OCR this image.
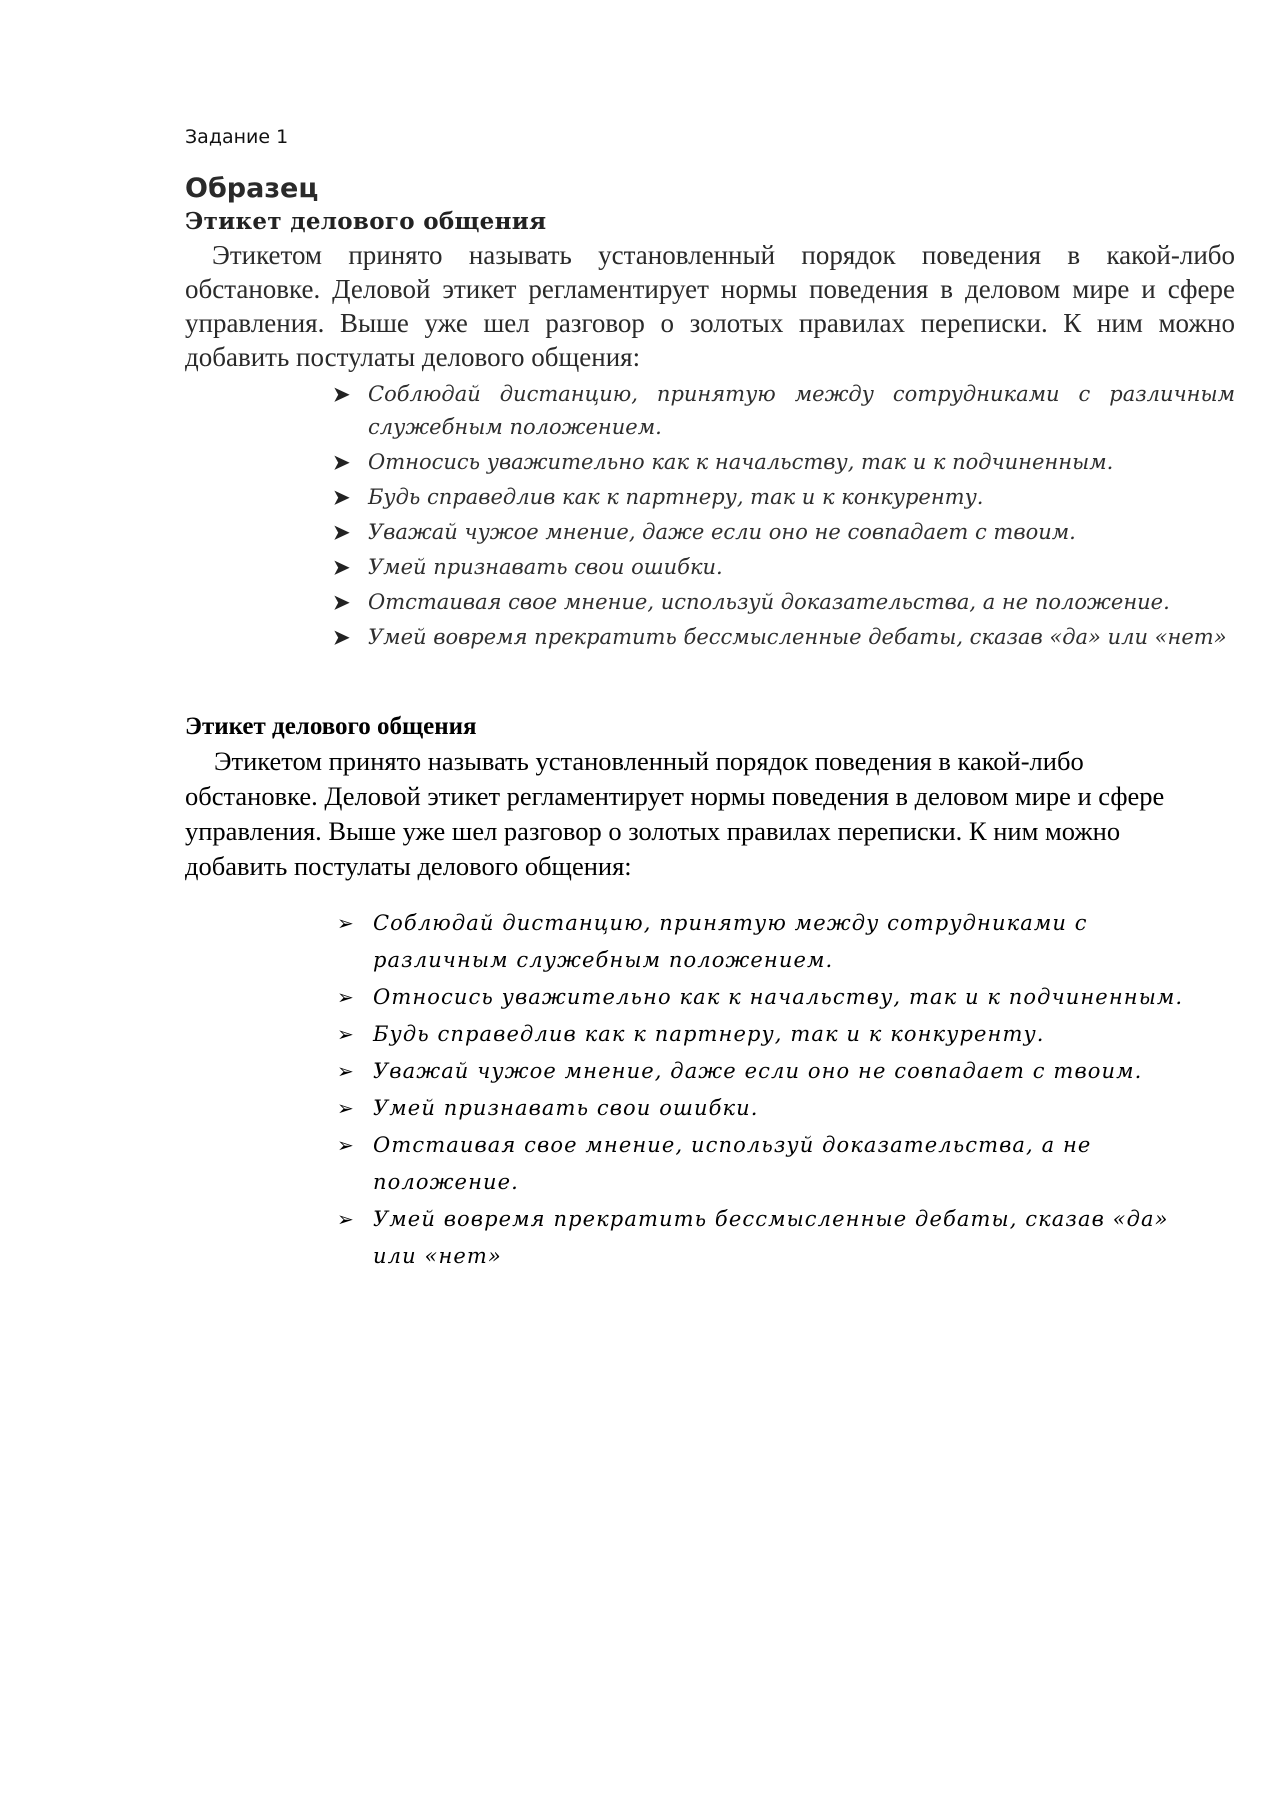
Задание 1

Образец

Этикет делового общения

Этикетом принято называть установленный порядок поведения в какой-либо обстановке. Деловой этикет регламентирует нормы поведения в деловом мире и сфере управления. Выше уже шел разговор о золотых правилах переписки. К ним можно добавить постулаты делового общения:

➤ Соблюдай дистанцию, принятую между сотрудниками с различным служебным положением.
➤ Относись уважительно как к начальству, так и к подчиненным.
➤ Будь справедлив как к партнеру, так и к конкуренту.
➤ Уважай чужое мнение, даже если оно не совпадает с твоим.
➤ Умей признавать свои ошибки.
➤ Отстаивая свое мнение, используй доказательства, а не положение.
➤ Умей вовремя прекратить бессмысленные дебаты, сказав «да» или «нет»

Этикет делового общения

Этикетом принято называть установленный порядок поведения в какой-либо обстановке. Деловой этикет регламентирует нормы поведения в деловом мире и сфере управления. Выше уже шел разговор о золотых правилах переписки. К ним можно добавить постулаты делового общения:

➢ Соблюдай дистанцию, принятую между сотрудниками с различным служебным положением.
➢ Относись уважительно как к начальству, так и к подчиненным.
➢ Будь справедлив как к партнеру, так и к конкуренту.
➢ Уважай чужое мнение, даже если оно не совпадает с твоим.
➢ Умей признавать свои ошибки.
➢ Отстаивая свое мнение, используй доказательства, а не положение.
➢ Умей вовремя прекратить бессмысленные дебаты, сказав «да» или «нет»
